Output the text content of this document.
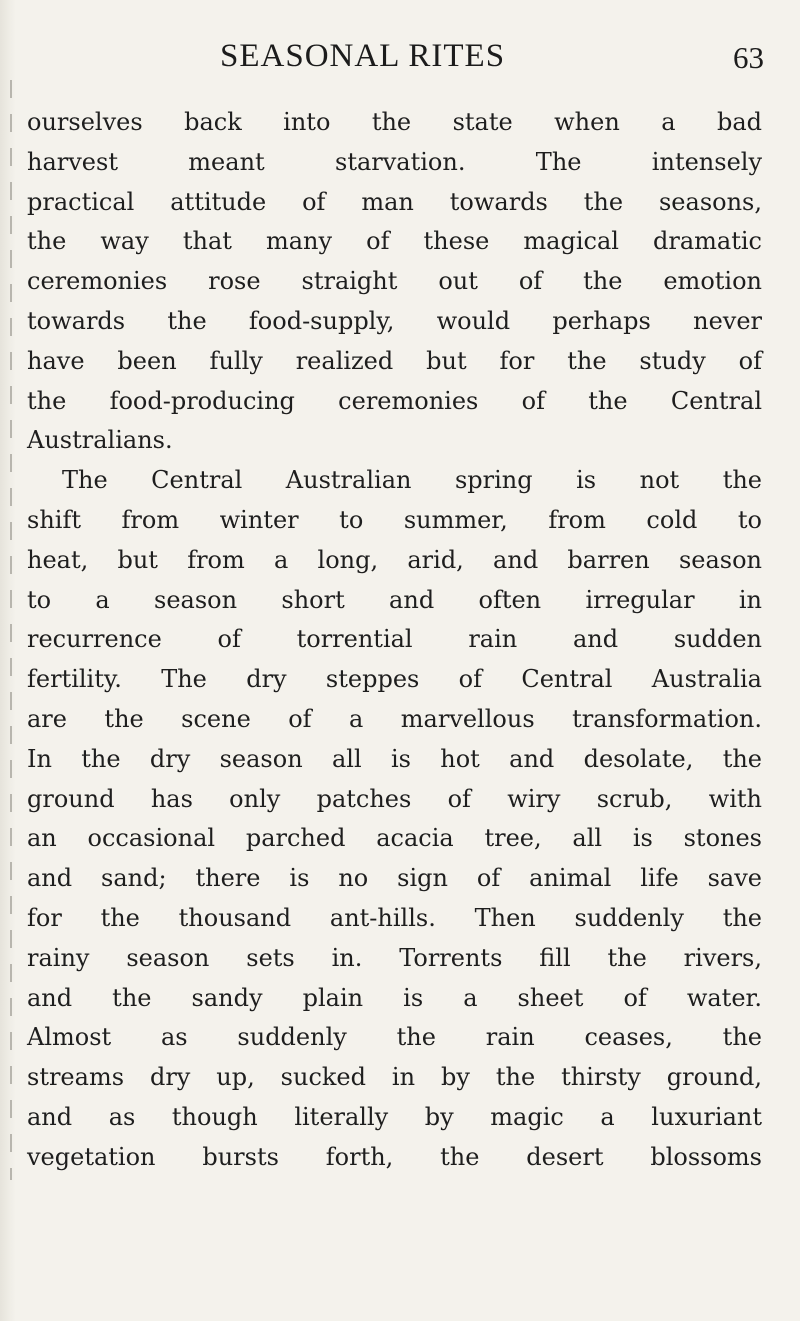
SEASONAL RITES	63
ourselves back into the state when a bad
harvest meant starvation. The intensely
practical attitude of man towards the seasons,
the way that many of these magical dramatic
ceremonies rose straight out of the emotion
towards the food-supply, would perhaps never
have been fully realized but for the study of
the food-producing ceremonies of the Central
Australians.
The Central Australian spring is not the
shift from winter to summer, from cold to
heat, but from a long, arid, and barren season
to a season short and often irregular in
recurrence of torrential rain and sudden
fertility. The dry steppes of Central Australia
are the scene of a marvellous transformation.
In the dry season all is hot and desolate, the
ground has only patches of wiry scrub, with
an occasional parched acacia tree, all is stones
and sand; there is no sign of animal life save
for the thousand ant-hills. Then suddenly the
rainy season sets in. Torrents fill the rivers,
and the sandy plain is a sheet of water.
Almost as suddenly the rain ceases, the
streams dry up, sucked in by the thirsty ground,
and as though literally by magic a luxuriant
vegetation bursts forth, the desert blossoms
